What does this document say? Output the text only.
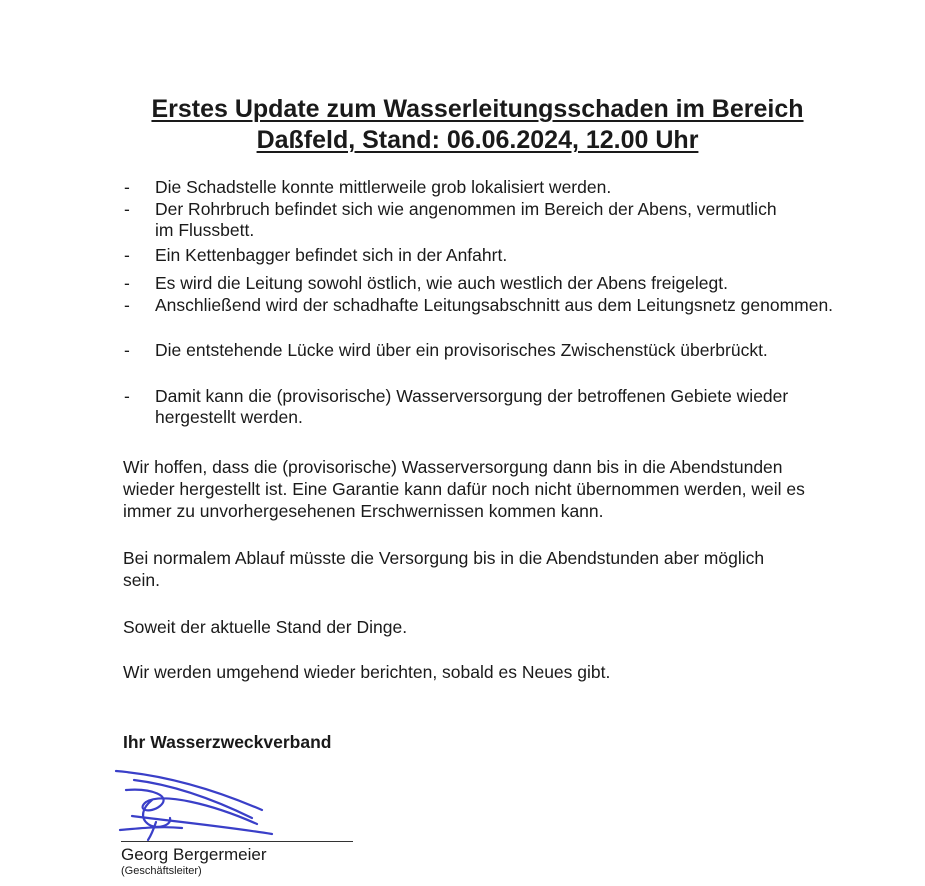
Erstes Update zum Wasserleitungsschaden im Bereich
Daßfeld, Stand: 06.06.2024, 12.00 Uhr
- Die Schadstelle konnte mittlerweile grob lokalisiert werden.
- Der Rohrbruch befindet sich wie angenommen im Bereich der Abens, vermutlich im Flussbett.
- Ein Kettenbagger befindet sich in der Anfahrt.
- Es wird die Leitung sowohl östlich, wie auch westlich der Abens freigelegt.
- Anschließend wird der schadhafte Leitungsabschnitt aus dem Leitungsnetz genommen.
- Die entstehende Lücke wird über ein provisorisches Zwischenstück überbrückt.
- Damit kann die (provisorische) Wasserversorgung der betroffenen Gebiete wieder hergestellt werden.
Wir hoffen, dass die (provisorische) Wasserversorgung dann bis in die Abendstunden wieder hergestellt ist. Eine Garantie kann dafür noch nicht übernommen werden, weil es immer zu unvorhergesehenen Erschwernissen kommen kann.
Bei normalem Ablauf müsste die Versorgung bis in die Abendstunden aber möglich sein.
Soweit der aktuelle Stand der Dinge.
Wir werden umgehend wieder berichten, sobald es Neues gibt.
Ihr Wasserzweckverband
Georg Bergermeier
(Geschäftsleiter)
